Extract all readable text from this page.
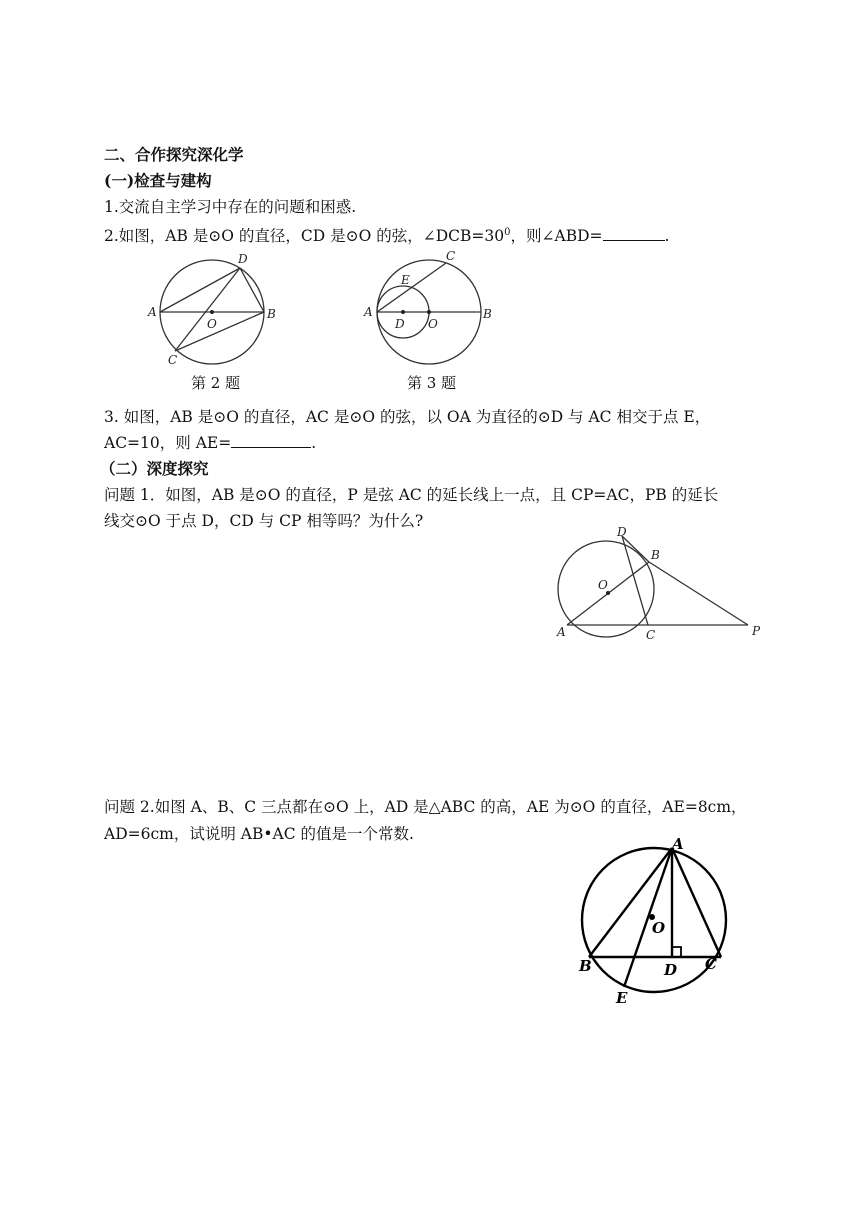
二、合作探究深化学
(一)检查与建构
1.交流自主学习中存在的问题和困惑.
2.如图，AB 是⊙O 的直径，CD 是⊙O 的弦，$\angle DCB=30^0$，则∠ABD=	.
A	B
C
D
O
第 2 题
A	B
C
D
E
O
第 3 题
3. 如图，AB 是⊙O 的直径，AC 是⊙O 的弦，以 OA 为直径的⊙D 与 AC 相交于点 E，
AC=10，则 AE=	.
（二）深度探究
问题 1．如图，AB 是⊙O 的直径，P 是弦 AC 的延长线上一点，且 CP=AC，PB 的延长
线交⊙O 于点 D，CD 与 CP 相等吗？为什么?
A
B
C
D
O
P
问题 2.如图 A、B、C 三点都在⊙O 上，AD 是△ABC 的高，AE 为⊙O 的直径，AE=8cm，
AD=6cm，试说明 AB•AC 的值是一个常数.
A
B	C
D
E
O
